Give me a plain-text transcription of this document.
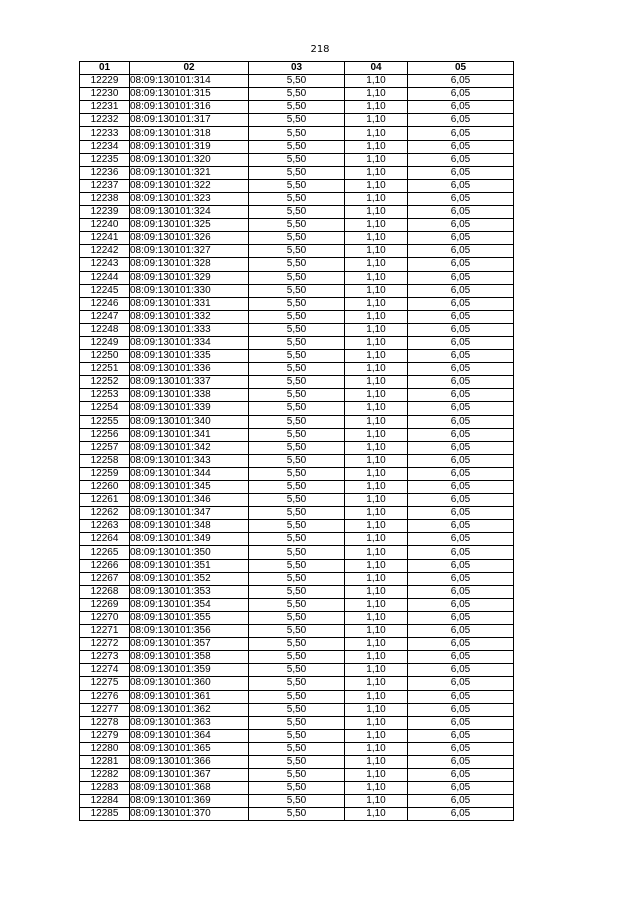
218
01	02	03	04	05
12229	08:09:130101:314	5,50	1,10	6,05
12230	08:09:130101:315	5,50	1,10	6,05
12231	08:09:130101:316	5,50	1,10	6,05
12232	08:09:130101:317	5,50	1,10	6,05
12233	08:09:130101:318	5,50	1,10	6,05
12234	08:09:130101:319	5,50	1,10	6,05
12235	08:09:130101:320	5,50	1,10	6,05
12236	08:09:130101:321	5,50	1,10	6,05
12237	08:09:130101:322	5,50	1,10	6,05
12238	08:09:130101:323	5,50	1,10	6,05
12239	08:09:130101:324	5,50	1,10	6,05
12240	08:09:130101:325	5,50	1,10	6,05
12241	08:09:130101:326	5,50	1,10	6,05
12242	08:09:130101:327	5,50	1,10	6,05
12243	08:09:130101:328	5,50	1,10	6,05
12244	08:09:130101:329	5,50	1,10	6,05
12245	08:09:130101:330	5,50	1,10	6,05
12246	08:09:130101:331	5,50	1,10	6,05
12247	08:09:130101:332	5,50	1,10	6,05
12248	08:09:130101:333	5,50	1,10	6,05
12249	08:09:130101:334	5,50	1,10	6,05
12250	08:09:130101:335	5,50	1,10	6,05
12251	08:09:130101:336	5,50	1,10	6,05
12252	08:09:130101:337	5,50	1,10	6,05
12253	08:09:130101:338	5,50	1,10	6,05
12254	08:09:130101:339	5,50	1,10	6,05
12255	08:09:130101:340	5,50	1,10	6,05
12256	08:09:130101:341	5,50	1,10	6,05
12257	08:09:130101:342	5,50	1,10	6,05
12258	08:09:130101:343	5,50	1,10	6,05
12259	08:09:130101:344	5,50	1,10	6,05
12260	08:09:130101:345	5,50	1,10	6,05
12261	08:09:130101:346	5,50	1,10	6,05
12262	08:09:130101:347	5,50	1,10	6,05
12263	08:09:130101:348	5,50	1,10	6,05
12264	08:09:130101:349	5,50	1,10	6,05
12265	08:09:130101:350	5,50	1,10	6,05
12266	08:09:130101:351	5,50	1,10	6,05
12267	08:09:130101:352	5,50	1,10	6,05
12268	08:09:130101:353	5,50	1,10	6,05
12269	08:09:130101:354	5,50	1,10	6,05
12270	08:09:130101:355	5,50	1,10	6,05
12271	08:09:130101:356	5,50	1,10	6,05
12272	08:09:130101:357	5,50	1,10	6,05
12273	08:09:130101:358	5,50	1,10	6,05
12274	08:09:130101:359	5,50	1,10	6,05
12275	08:09:130101:360	5,50	1,10	6,05
12276	08:09:130101:361	5,50	1,10	6,05
12277	08:09:130101:362	5,50	1,10	6,05
12278	08:09:130101:363	5,50	1,10	6,05
12279	08:09:130101:364	5,50	1,10	6,05
12280	08:09:130101:365	5,50	1,10	6,05
12281	08:09:130101:366	5,50	1,10	6,05
12282	08:09:130101:367	5,50	1,10	6,05
12283	08:09:130101:368	5,50	1,10	6,05
12284	08:09:130101:369	5,50	1,10	6,05
12285	08:09:130101:370	5,50	1,10	6,05
